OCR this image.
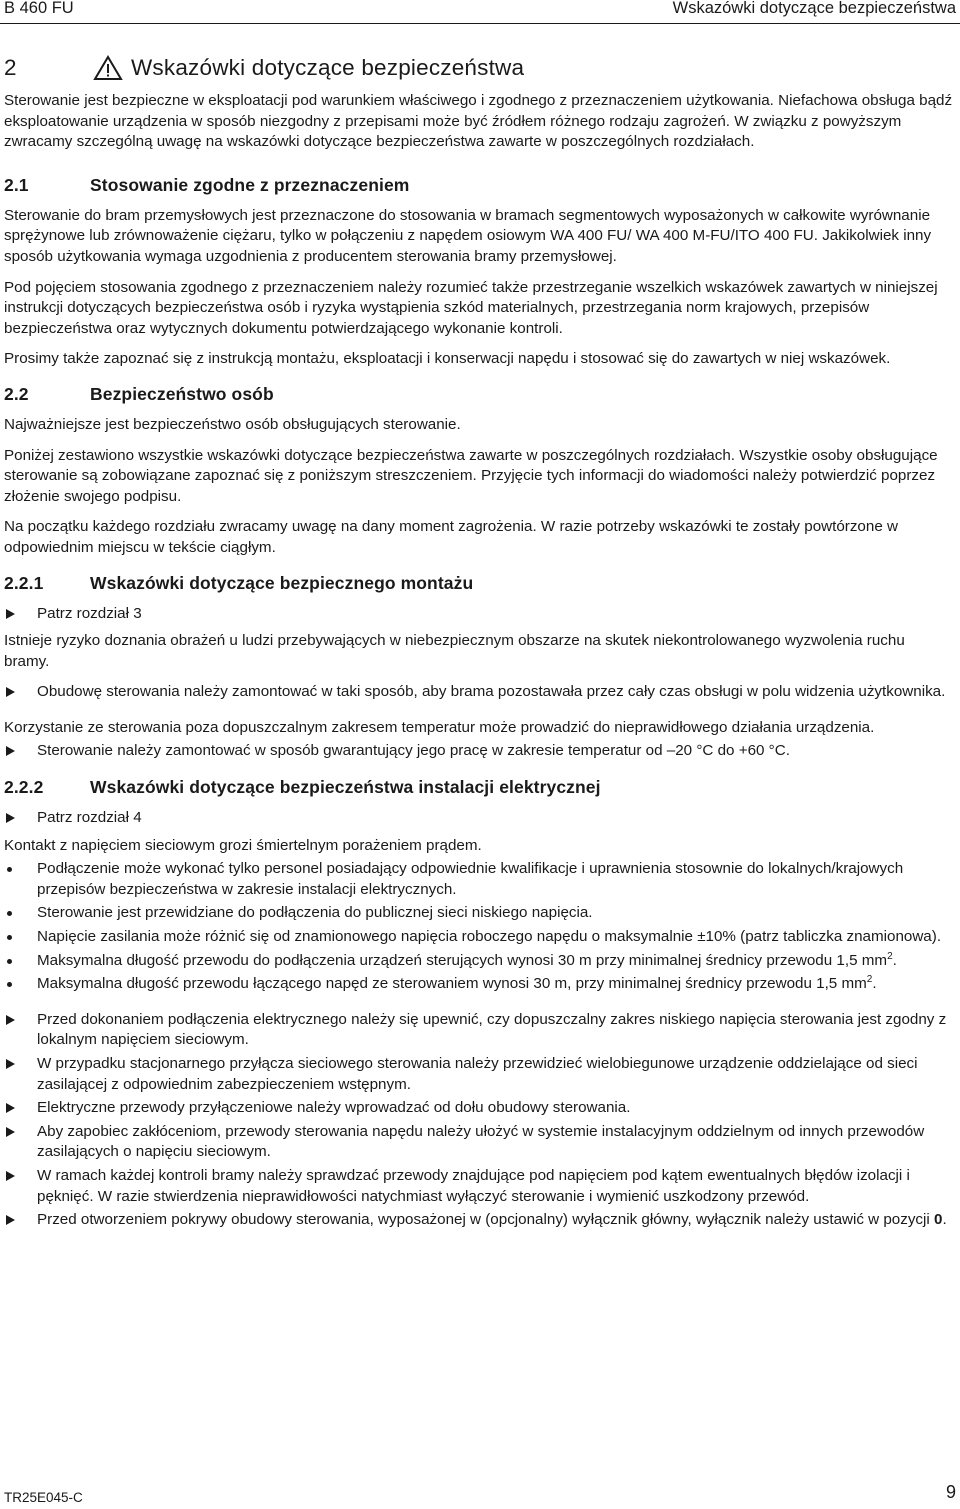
B 460 FU	Wskazówki dotyczące bezpieczeństwa
2	Wskazówki dotyczące bezpieczeństwa

Sterowanie jest bezpieczne w eksploatacji pod warunkiem właściwego i zgodnego z przeznaczeniem użytkowania. Niefachowa obsługa bądź eksploatowanie urządzenia w sposób niezgodny z przepisami może być źródłem różnego rodzaju zagrożeń. W związku z powyższym zwracamy szczególną uwagę na wskazówki dotyczące bezpieczeństwa zawarte w poszczególnych rozdziałach.

2.1	Stosowanie zgodne z przeznaczeniem

Sterowanie do bram przemysłowych jest przeznaczone do stosowania w bramach segmentowych wyposażonych w całkowite wyrównanie sprężynowe lub zrównoważenie ciężaru, tylko w połączeniu z napędem osiowym WA 400 FU/ WA 400 M-FU/ITO 400 FU. Jakikolwiek inny sposób użytkowania wymaga uzgodnienia z producentem sterowania bramy przemysłowej.

Pod pojęciem stosowania zgodnego z przeznaczeniem należy rozumieć także przestrzeganie wszelkich wskazówek zawartych w niniejszej instrukcji dotyczących bezpieczeństwa osób i ryzyka wystąpienia szkód materialnych, przestrzegania norm krajowych, przepisów bezpieczeństwa oraz wytycznych dokumentu potwierdzającego wykonanie kontroli.

Prosimy także zapoznać się z instrukcją montażu, eksploatacji i konserwacji napędu i stosować się do zawartych w niej wskazówek.

2.2	Bezpieczeństwo osób

Najważniejsze jest bezpieczeństwo osób obsługujących sterowanie.

Poniżej zestawiono wszystkie wskazówki dotyczące bezpieczeństwa zawarte w poszczególnych rozdziałach. Wszystkie osoby obsługujące sterowanie są zobowiązane zapoznać się z poniższym streszczeniem. Przyjęcie tych informacji do wiadomości należy potwierdzić poprzez złożenie swojego podpisu.

Na początku każdego rozdziału zwracamy uwagę na dany moment zagrożenia. W razie potrzeby wskazówki te zostały powtórzone w odpowiednim miejscu w tekście ciągłym.

2.2.1	Wskazówki dotyczące bezpiecznego montażu
Patrz rozdział 3

Istnieje ryzyko doznania obrażeń u ludzi przebywających w niebezpiecznym obszarze na skutek niekontrolowanego wyzwolenia ruchu bramy.

Obudowę sterowania należy zamontować w taki sposób, aby brama pozostawała przez cały czas obsługi w polu widzenia użytkownika.

Korzystanie ze sterowania poza dopuszczalnym zakresem temperatur może prowadzić do nieprawidłowego działania urządzenia.

Sterowanie należy zamontować w sposób gwarantujący jego pracę w zakresie temperatur od –20 °C do +60 °C.
2.2.2	Wskazówki dotyczące bezpieczeństwa instalacji elektrycznej
Patrz rozdział 4

Kontakt z napięciem sieciowym grozi śmiertelnym porażeniem prądem.

Podłączenie może wykonać tylko personel posiadający odpowiednie kwalifikacje i uprawnienia stosownie do lokalnych/krajowych przepisów bezpieczeństwa w zakresie instalacji elektrycznych.
Sterowanie jest przewidziane do podłączenia do publicznej sieci niskiego napięcia.
Napięcie zasilania może różnić się od znamionowego napięcia roboczego napędu o maksymalnie ±10% (patrz tabliczka znamionowa).
Maksymalna długość przewodu do podłączenia urządzeń sterujących wynosi 30 m przy minimalnej średnicy przewodu 1,5 $mm^2$.
Maksymalna długość przewodu łączącego napęd ze sterowaniem wynosi 30 m, przy minimalnej średnicy przewodu 1,5 $mm^2$.
Przed dokonaniem podłączenia elektrycznego należy się upewnić, czy dopuszczalny zakres niskiego napięcia sterowania jest zgodny z lokalnym napięciem sieciowym.
W przypadku stacjonarnego przyłącza sieciowego sterowania należy przewidzieć wielobiegunowe urządzenie oddzielające od sieci zasilającej z odpowiednim zabezpieczeniem wstępnym.
Elektryczne przewody przyłączeniowe należy wprowadzać od dołu obudowy sterowania.
Aby zapobiec zakłóceniom, przewody sterowania napędu należy ułożyć w systemie instalacyjnym oddzielnym od innych przewodów zasilających o napięciu sieciowym.
W ramach każdej kontroli bramy należy sprawdzać przewody znajdujące pod napięciem pod kątem ewentualnych błędów izolacji i pęknięć. W razie stwierdzenia nieprawidłowości natychmiast wyłączyć sterowanie i wymienić uszkodzony przewód.
Przed otworzeniem pokrywy obudowy sterowania, wyposażonej w (opcjonalny) wyłącznik główny, wyłącznik należy ustawić w pozycji 0.
TR25E045-C	9
